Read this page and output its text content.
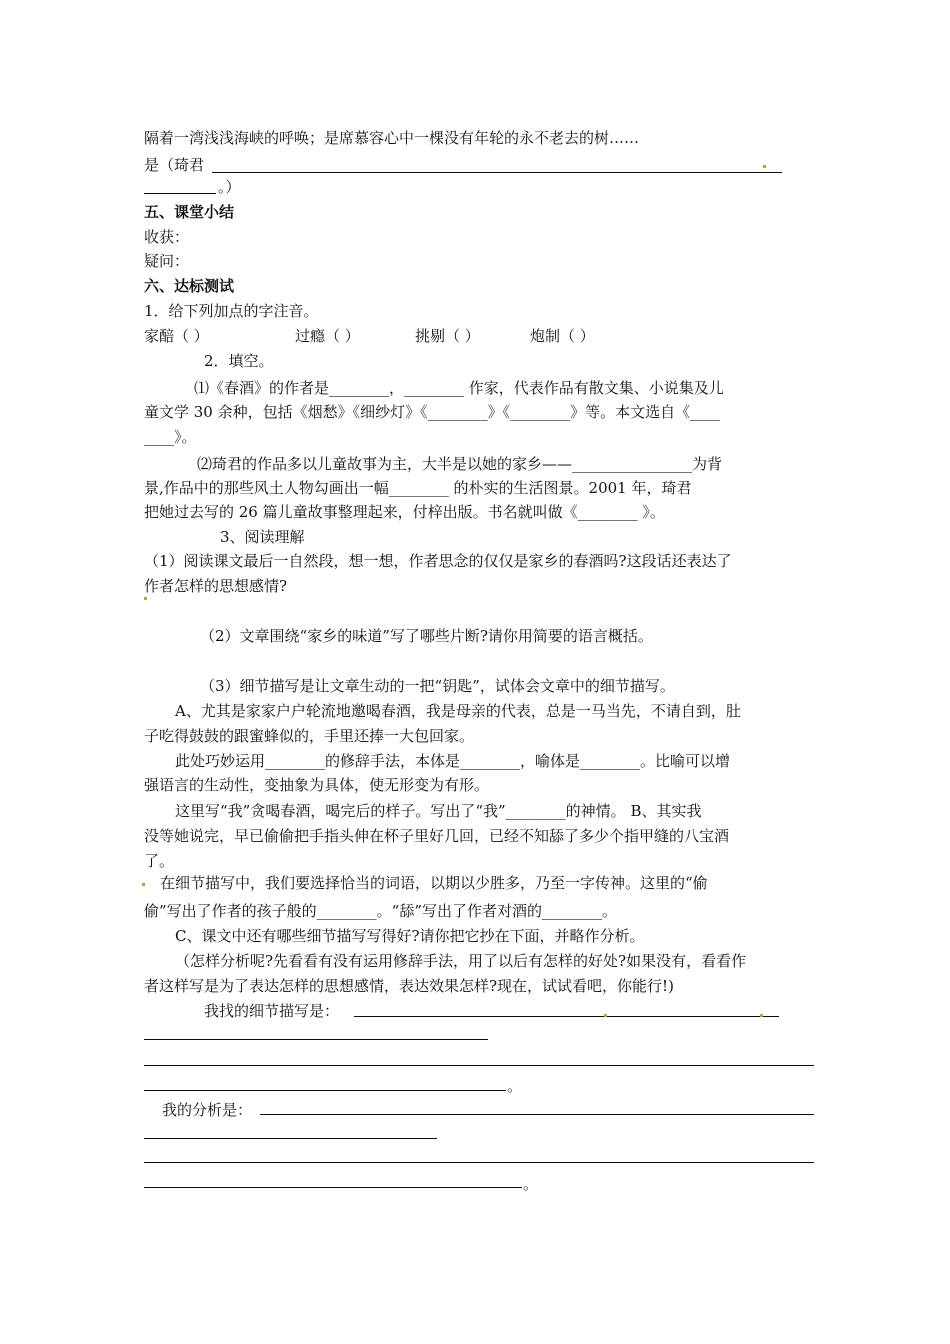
隔着一湾浅浅海峡的呼唤；是席慕容心中一棵没有年轮的永不老去的树……
是（琦君
。）
五、课堂小结
收获：
疑问：
六、达标测试
1．给下列加点的字注音。
家醅（ ）	过瘾（ ）	挑剔（ ）	炮制（ ）
2．填空。
⑴《春酒》的作者是________，________ 作家，代表作品有散文集、小说集及儿
童文学 30 余种，包括《烟愁》《细纱灯》《________》《________》等。本文选自《____
____》。
⑵琦君的作品多以儿童故事为主，大半是以她的家乡——________________为背
景,作品中的那些风土人物勾画出一幅________ 的朴实的生活图景。2001 年，琦君
把她过去写的 26 篇儿童故事整理起来，付梓出版。书名就叫做《________ 》。
3、阅读理解
（1）阅读课文最后一自然段，想一想，作者思念的仅仅是家乡的春酒吗?这段话还表达了
作者怎样的思想感情?
（2）文章围绕“家乡的味道”写了哪些片断?请你用简要的语言概括。
（3）细节描写是让文章生动的一把“钥匙”，试体会文章中的细节描写。
A、尤其是家家户户轮流地邀喝春酒，我是母亲的代表，总是一马当先，不请自到，肚
子吃得鼓鼓的跟蜜蜂似的，手里还捧一大包回家。
此处巧妙运用________的修辞手法，本体是________，喻体是________。比喻可以增
强语言的生动性，变抽象为具体，使无形变为有形。
这里写“我”贪喝春酒，喝完后的样子。写出了“我”________的神情。 B、其实我
没等她说完，早已偷偷把手指头伸在杯子里好几回，已经不知舔了多少个指甲缝的八宝酒
了。
在细节描写中，我们要选择恰当的词语，以期以少胜多，乃至一字传神。这里的“偷
偷”写出了作者的孩子般的________。“舔”写出了作者对酒的________。
C、课文中还有哪些细节描写写得好?请你把它抄在下面，并略作分析。
（怎样分析呢?先看看有没有运用修辞手法，用了以后有怎样的好处?如果没有，看看作
者这样写是为了表达怎样的思想感情，表达效果怎样?现在，试试看吧，你能行!)
我找的细节描写是：
。
我的分析是：
。
